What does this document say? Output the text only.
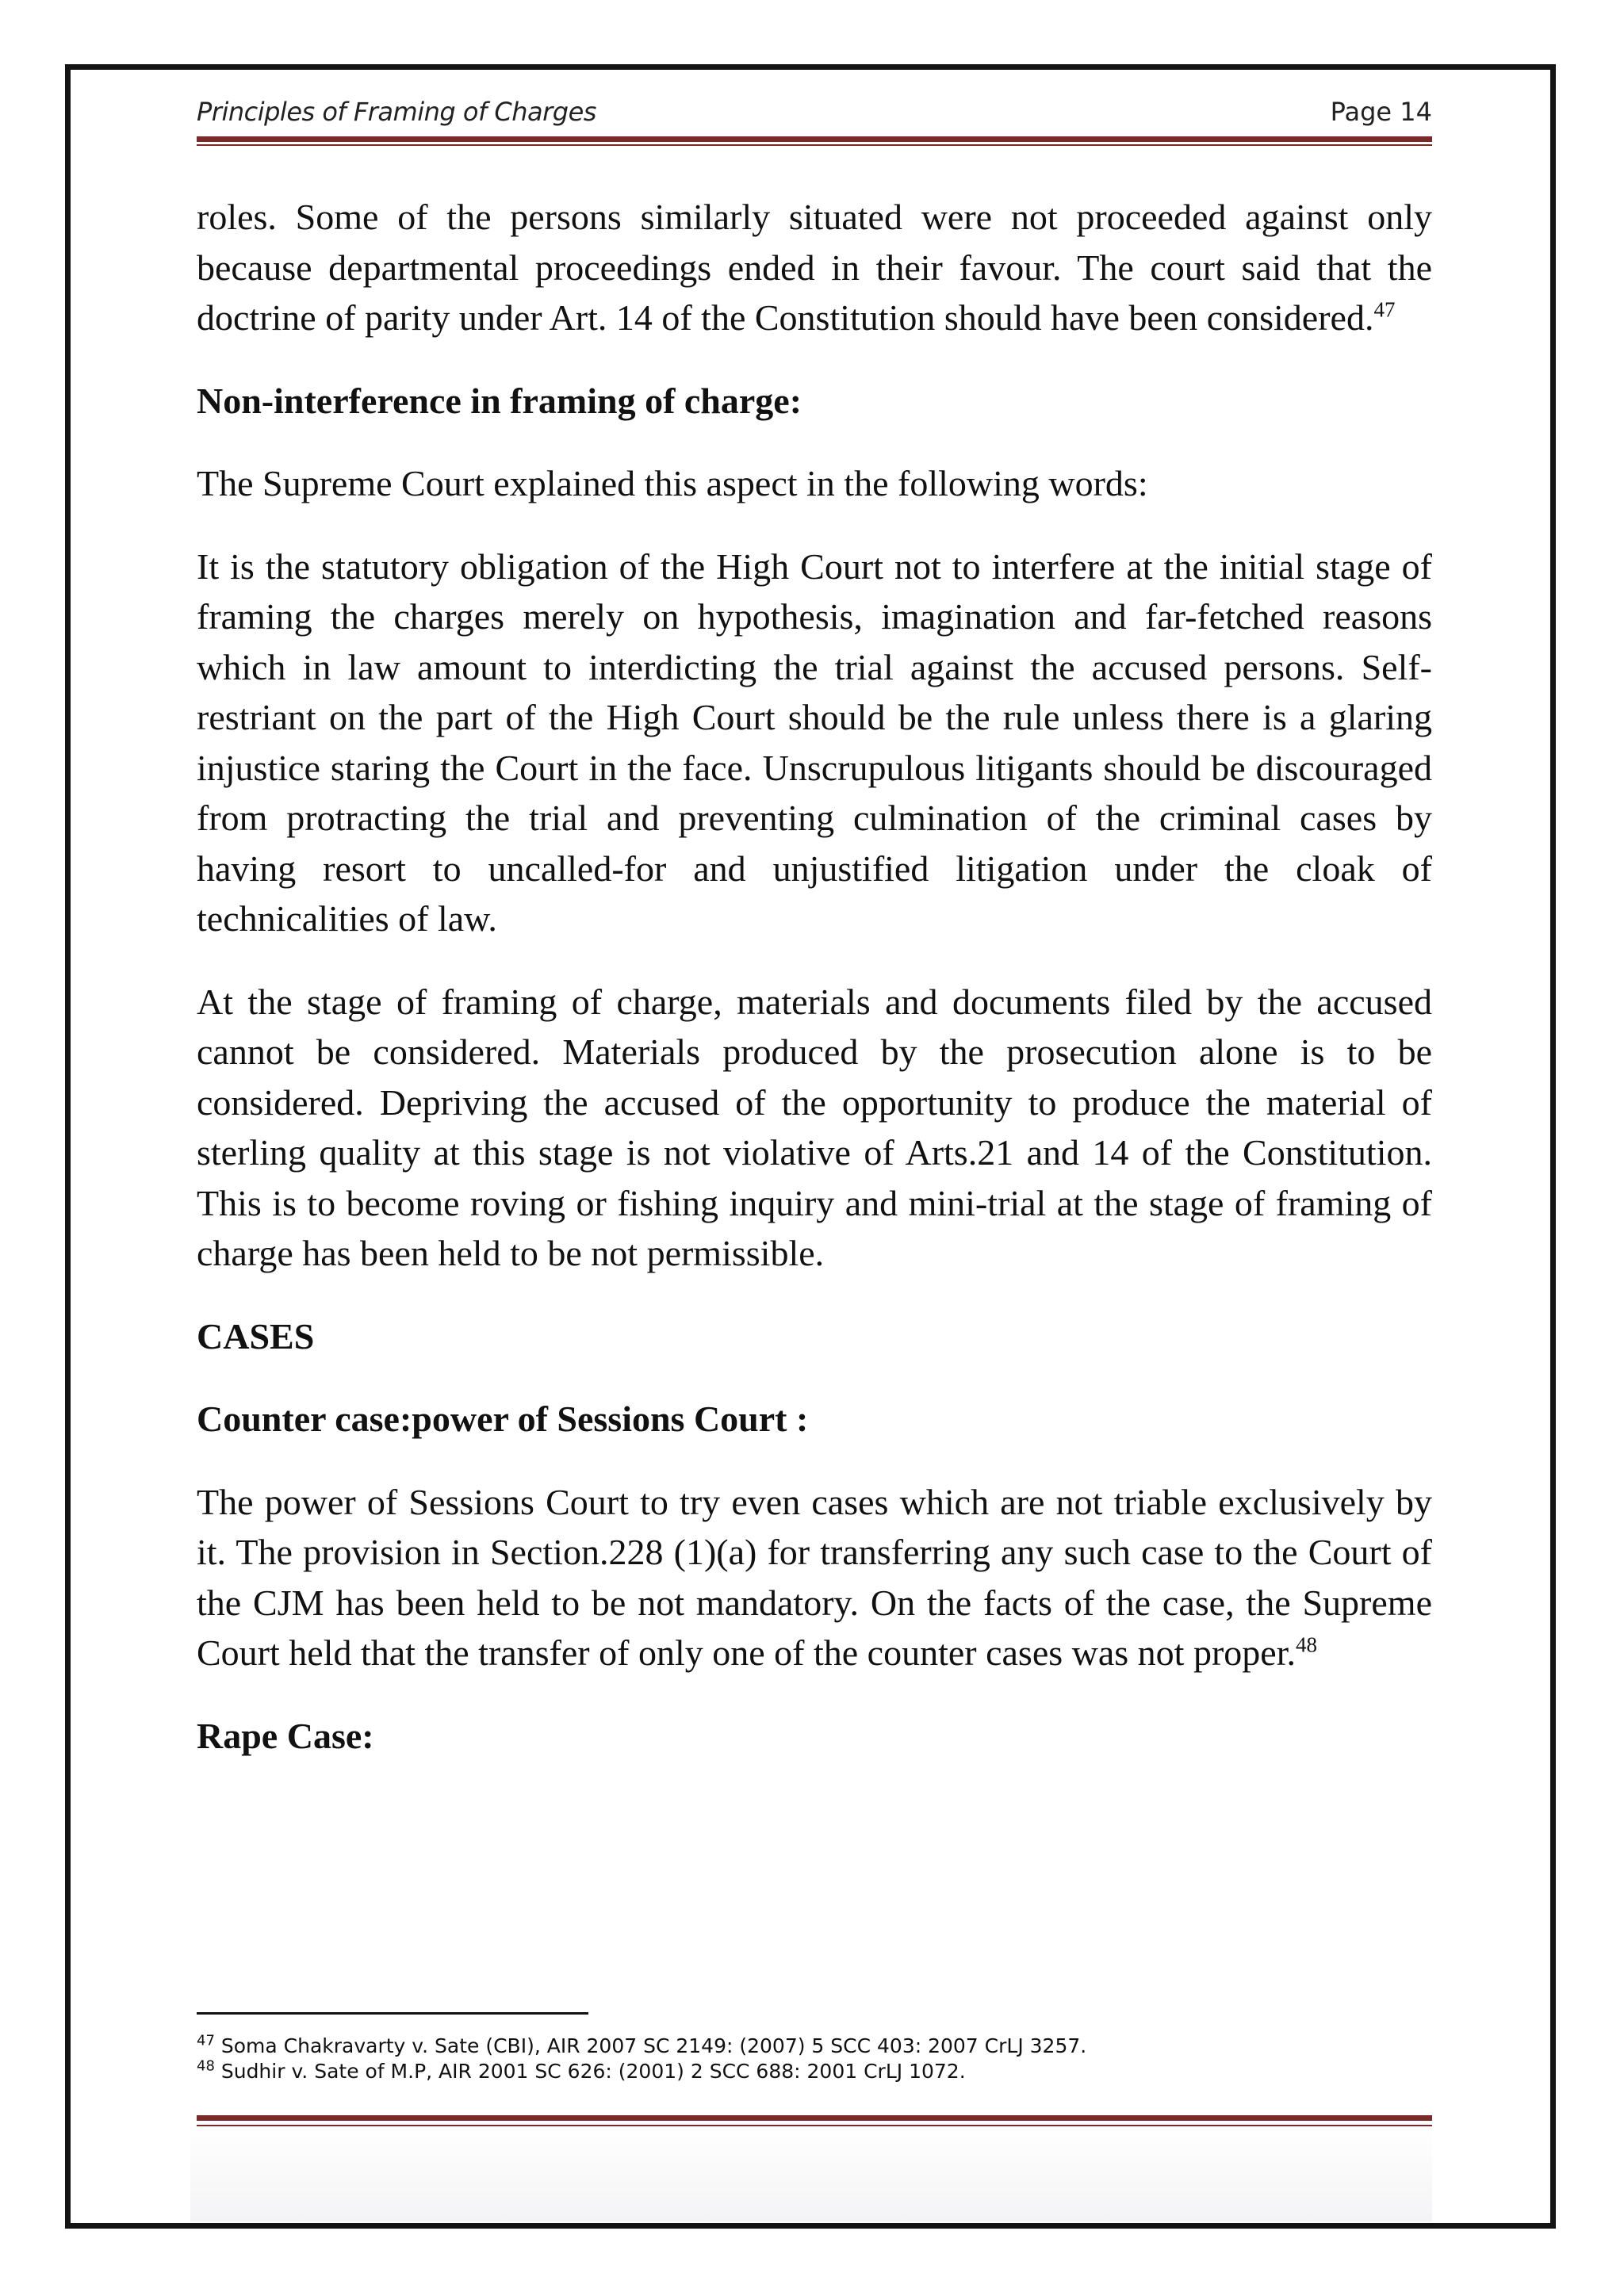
Principles of Framing of Charges	Page 14

roles. Some of the persons similarly situated were not proceeded against only because departmental proceedings ended in their favour. The court said that the doctrine of parity under Art. 14 of the Constitution should have been considered.$^{47}$

Non-interference in framing of charge:

The Supreme Court explained this aspect in the following words:

It is the statutory obligation of the High Court not to interfere at the initial stage of framing the charges merely on hypothesis, imagination and far-fetched reasons which in law amount to interdicting the trial against the accused persons. Self-restriant on the part of the High Court should be the rule unless there is a glaring injustice staring the Court in the face. Unscrupulous litigants should be discouraged from protracting the trial and preventing culmination of the criminal cases by having resort to uncalled-for and unjustified litigation under the cloak of technicalities of law.

At the stage of framing of charge, materials and documents filed by the accused cannot be considered. Materials produced by the prosecution alone is to be considered. Depriving the accused of the opportunity to produce the material of sterling quality at this stage is not violative of Arts.21 and 14 of the Constitution. This is to become roving or fishing inquiry and mini-trial at the stage of framing of charge has been held to be not permissible.

CASES
Counter case:power of Sessions Court :

The power of Sessions Court to try even cases which are not triable exclusively by it. The provision in Section.228 (1)(a) for transferring any such case to the Court of the CJM has been held to be not mandatory. On the facts of the case, the Supreme Court held that the transfer of only one of the counter cases was not proper.$^{48}$

Rape Case:
$^{47}$ Soma Chakravarty v. Sate (CBI), AIR 2007 SC 2149: (2007) 5 SCC 403: 2007 CrLJ 3257.
$^{48}$ Sudhir v. Sate of M.P, AIR 2001 SC 626: (2001) 2 SCC 688: 2001 CrLJ 1072.
